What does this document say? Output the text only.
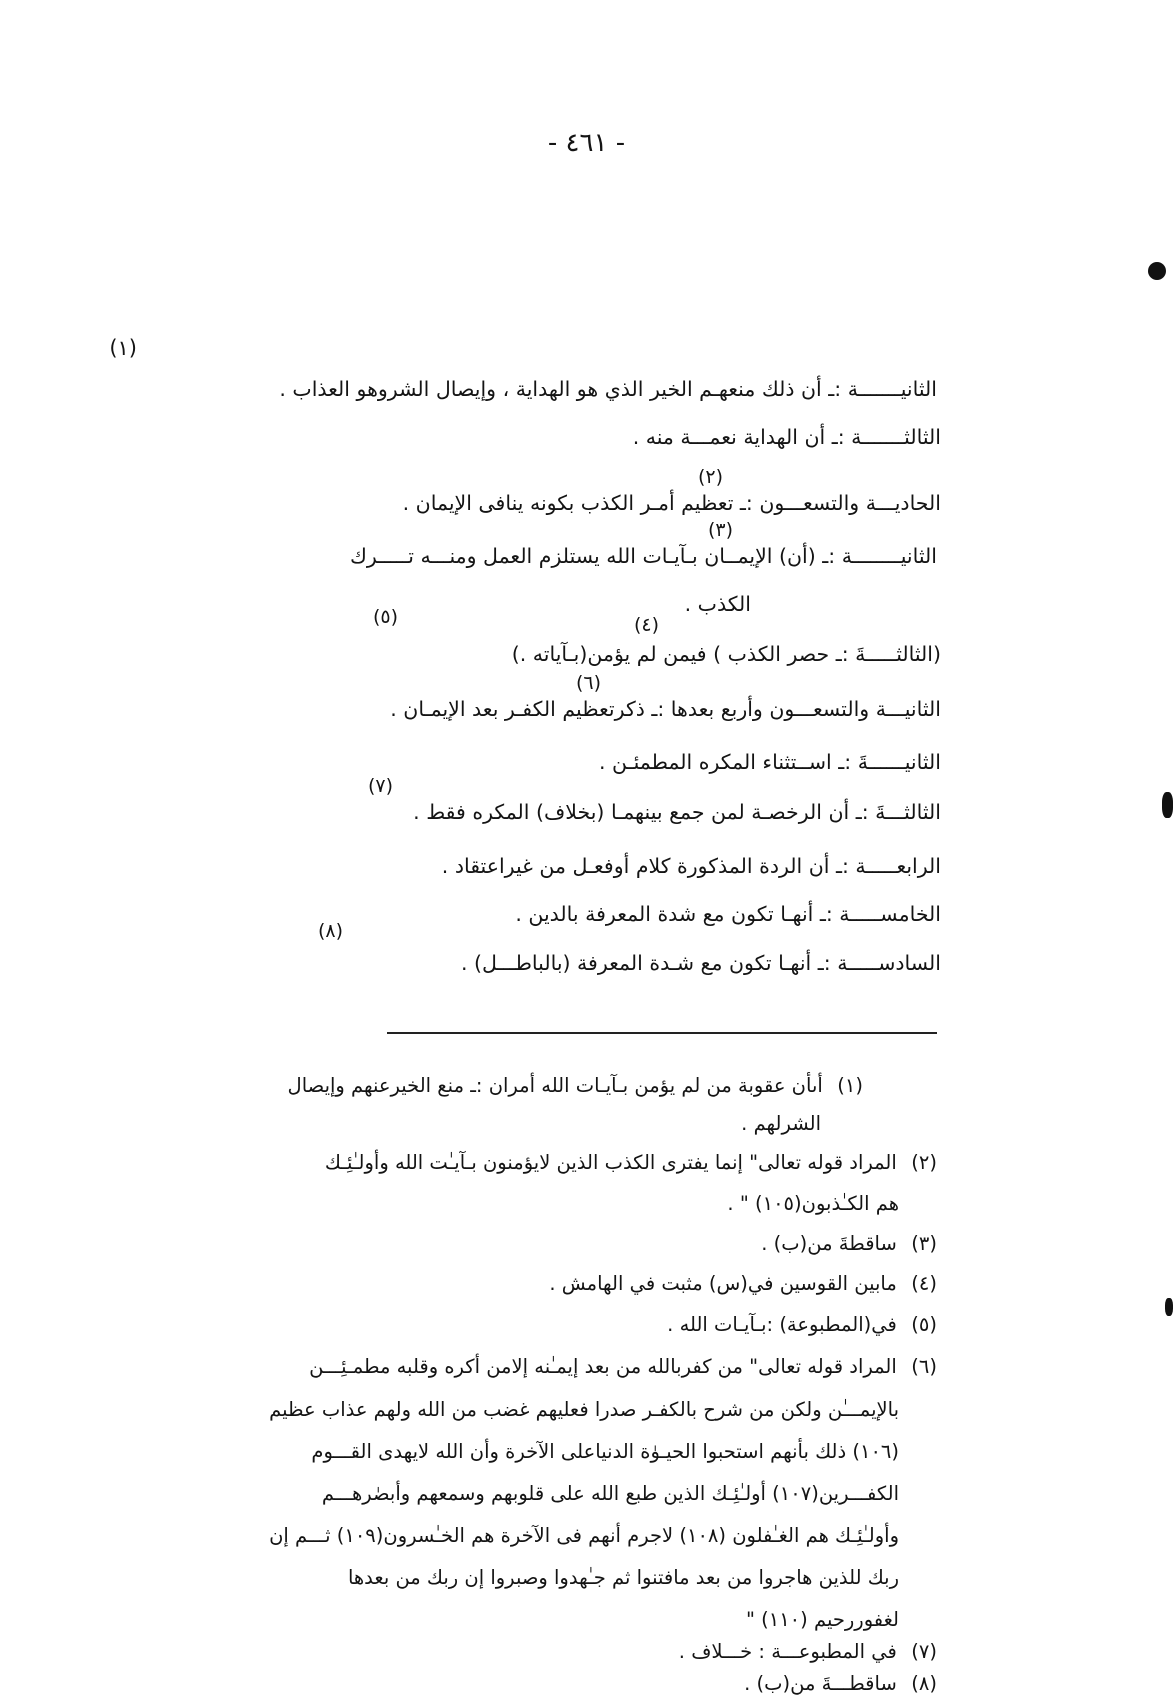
- ٤٦١ -
(١)
الثانيـــــــة :ـ أن ذلك منعهـم الخير الذي هو الهداية ، وإيصال الشروهو العذاب .
الثالثـــــــة :ـ أن الهداية نعمـــة منه .
(٢)
الحاديـــة والتسعـــون :ـ تعظيم أمـر الكذب بكونه ينافى الإيمان .
(٣)
الثانيــــــــة :ـ (أن) الإيمــان بـآيـات الله يستلزم العمل ومنـــه تـــــرك
الكذب .
(٤)
(٥)
(الثالثـــــةَ :ـ حصر الكذب ) فيمن لم يؤمن(بـآياته .)
(٦)
الثانيـــة والتسعـــون وأربع بعدها :ـ ذكرتعظيم الكفـر بعد الإيمـان .
الثانيــــــةَ :ـ اســتثناء المكره المطمئـن .
(٧)
الثالثـــةَ :ـ أن الرخصـة لمن جمع بينهمـا (بخلاف) المكره فقط .
الرابعـــــة :ـ أن الردة المذكورة كلام أوفعـل من غيراعتقاد .
الخامســـــة :ـ أنهـا تكون مع شدة المعرفة بالدين .
(٨)
السادســـــة :ـ أنهـا تكون مع شـدة المعرفة (بالباطـــل) .
(١) أىأن عقوبة من لم يؤمن بـآيـات الله أمران :ـ منع الخيرعنهم وإيصال
الشرلهم .
(٢) المراد قوله تعالى" إنما يفترى الكذب الذين لايؤمنون بـآيـٰت الله وأولـٰئِـك
هم الكـٰذبون(١٠٥) " .
(٣) ساقطةَ من(ب) .
(٤) مابين القوسين في(س) مثبت في الهامش .
(٥) في(المطبوعة) :بـآيـات الله .
(٦) المراد قوله تعالى" من كفربالله من بعد إيمـٰنه إلامن أكره وقلبه مطمـئِـــن
بالإيمـــٰن ولكن من شرح بالكفـر صدرا فعليهم غضب من الله ولهم عذاب عظيم
(١٠٦) ذلك بأنهم استحبوا الحيـوٰة الدنياعلى الآخرة وأن الله لايهدى القـــوم
الكفـــرين(١٠٧) أولـٰئِـك الذين طبع الله على قلوبهم وسمعهم وأبصٰرهـــم
وأولـٰئِـك هم الغـٰفلون (١٠٨) لاجرم أنهم فى الآخرة هم الخـٰسرون(١٠٩) ثـــم إن
ربك للذين هاجروا من بعد مافتنوا ثم جـٰهدوا وصبروا إن ربك من بعدها
لغفوررحيم (١١٠) "
(٧) في المطبوعـــة : خـــلاف .
(٨) ساقطـــةَ من(ب) .
